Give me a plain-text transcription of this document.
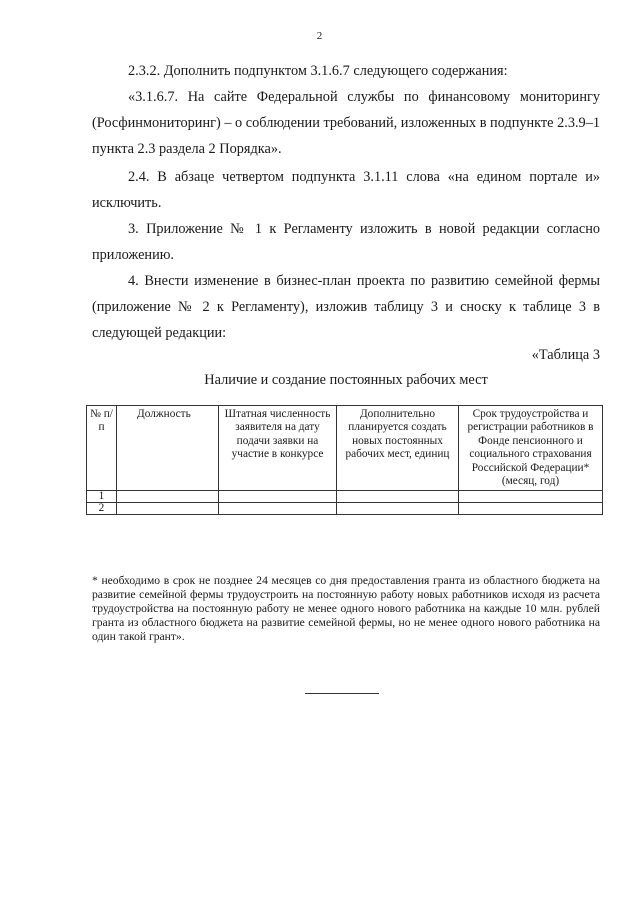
2

2.3.2. Дополнить подпунктом 3.1.6.7 следующего содержания:

«3.1.6.7. На сайте Федеральной службы по финансовому мониторингу (Росфинмониторинг) – о соблюдении требований, изложенных в подпункте 2.3.9–1 пункта 2.3 раздела 2 Порядка».

2.4. В абзаце четвертом подпункта 3.1.11 слова «на едином портале и» исключить.

3. Приложение № 1 к Регламенту изложить в новой редакции согласно приложению.

4. Внести изменение в бизнес-план проекта по развитию семейной фермы (приложение № 2 к Регламенту), изложив таблицу 3 и сноску к таблице 3 в следующей редакции:

«Таблица 3

Наличие и создание постоянных рабочих мест
№ п/п	Должность	Штатная численность заявителя на дату подачи заявки на участие в конкурсе	Дополнительно планируется создать новых постоянных рабочих мест, единиц	Срок трудоустройства и регистрации работников в Фонде пенсионного и социального страхования Российской Федерации* (месяц, год)
1				
2				

* необходимо в срок не позднее 24 месяцев со дня предоставления гранта из областного бюджета на развитие семейной фермы трудоустроить на постоянную работу новых работников исходя из расчета трудоустройства на постоянную работу не менее одного нового работника на каждые 10 млн. рублей гранта из областного бюджета на развитие семейной фермы, но не менее одного нового работника на один такой грант».
